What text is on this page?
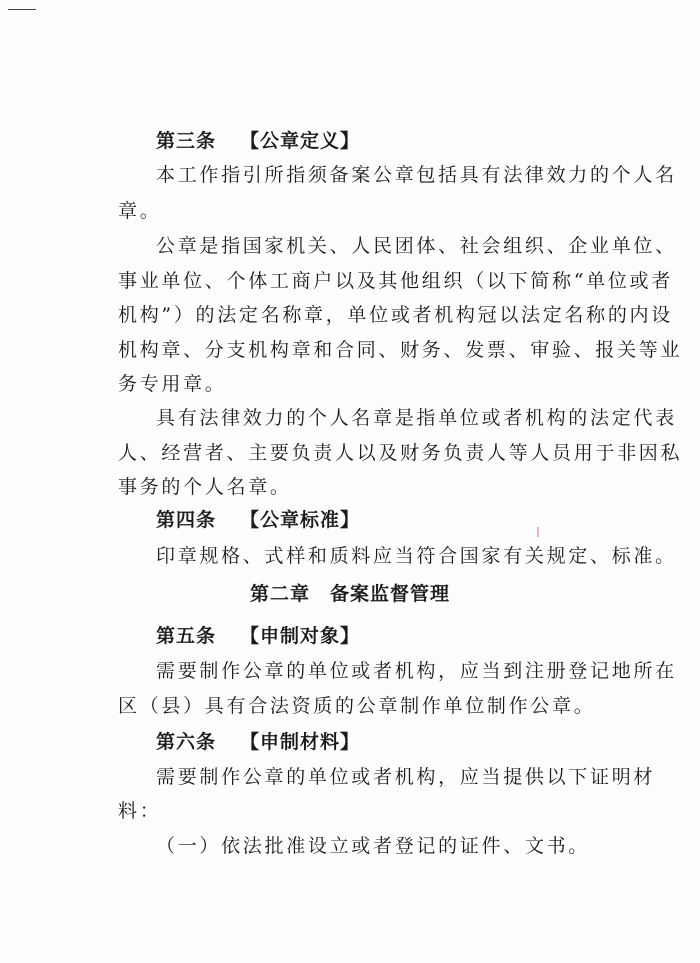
第三条 【公章定义】
本工作指引所指须备案公章包括具有法律效力的个人名
章。
公章是指国家机关、人民团体、社会组织、企业单位、
事业单位、个体工商户以及其他组织（以下简称“单位或者
机构”）的法定名称章，单位或者机构冠以法定名称的内设
机构章、分支机构章和合同、财务、发票、审验、报关等业
务专用章。
具有法律效力的个人名章是指单位或者机构的法定代表
人、经营者、主要负责人以及财务负责人等人员用于非因私
事务的个人名章。
第四条 【公章标准】
印章规格、式样和质料应当符合国家有关规定、标准。
第二章 备案监督管理
第五条 【申制对象】
需要制作公章的单位或者机构，应当到注册登记地所在
区（县）具有合法资质的公章制作单位制作公章。
第六条 【申制材料】
需要制作公章的单位或者机构，应当提供以下证明材
料：
（一）依法批准设立或者登记的证件、文书。
